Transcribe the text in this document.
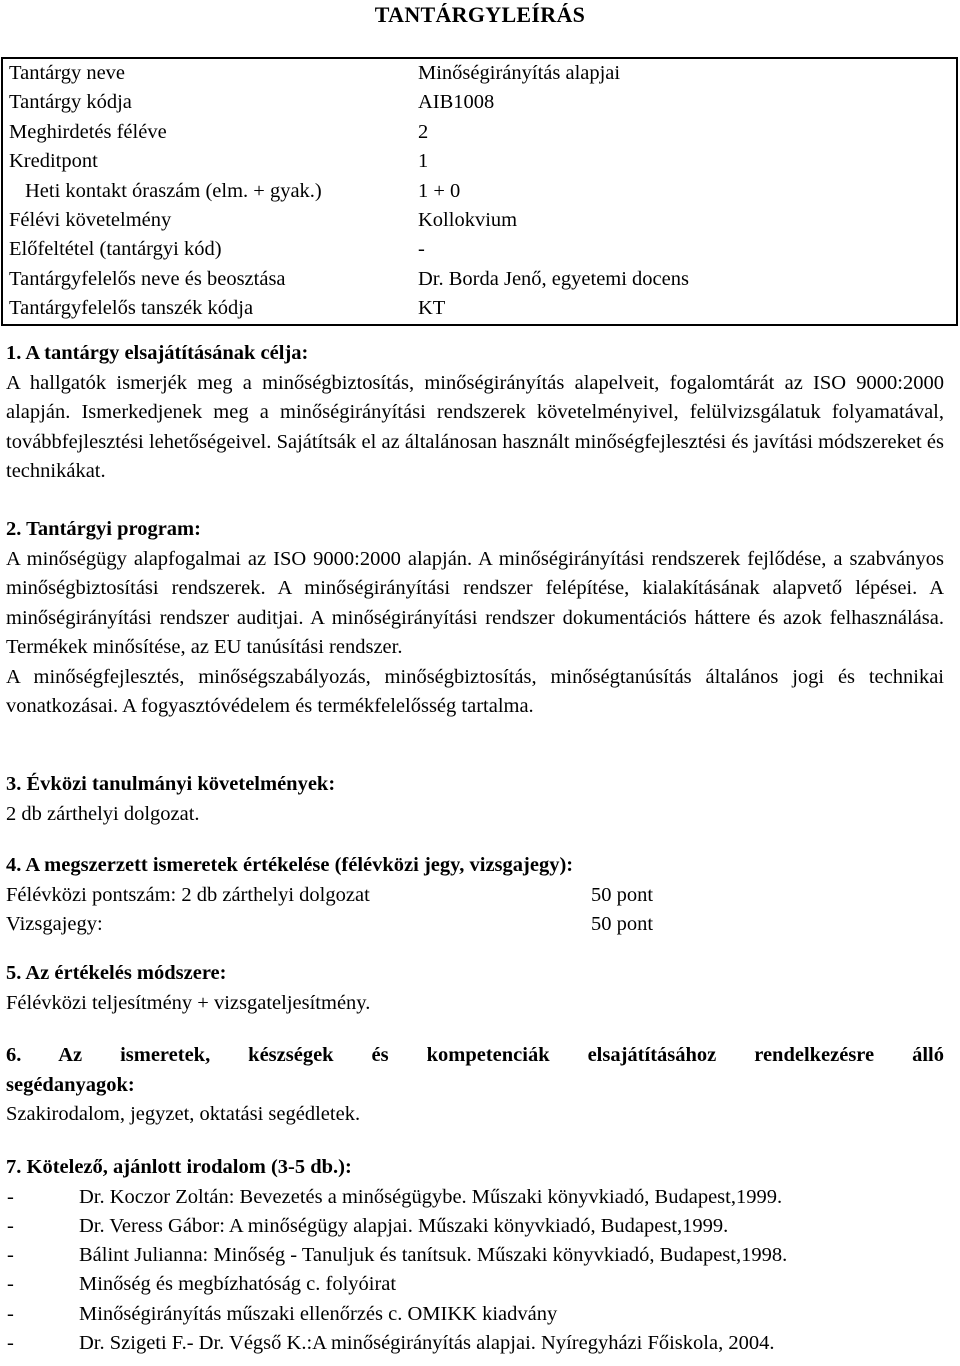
TANTÁRGYLEÍRÁS
Tantárgy neve	Minőségirányítás alapjai
Tantárgy kódja	AIB1008
Meghirdetés féléve	2
Kreditpont	1
Heti kontakt óraszám (elm. + gyak.)	1 + 0
Félévi követelmény	Kollokvium
Előfeltétel (tantárgyi kód)	-
Tantárgyfelelős neve és beosztása	Dr. Borda Jenő, egyetemi docens
Tantárgyfelelős tanszék kódja	KT
1. A tantárgy elsajátításának célja:

A hallgatók ismerjék meg a minőségbiztosítás, minőségirányítás alapelveit, fogalomtárát az ISO 9000:2000 alapján. Ismerkedjenek meg a minőségirányítási rendszerek követelményivel, felülvizsgálatuk folyamatával, továbbfejlesztési lehetőségeivel. Sajátítsák el az általánosan használt minőségfejlesztési és javítási módszereket és technikákat.

2. Tantárgyi program:

A minőségügy alapfogalmai az ISO 9000:2000 alapján. A minőségirányítási rendszerek fejlődése, a szabványos minőségbiztosítási rendszerek. A minőségirányítási rendszer felépítése, kialakításának alapvető lépései. A minőségirányítási rendszer auditjai. A minőségirányítási rendszer dokumentációs háttere és azok felhasználása. Termékek minősítése, az EU tanúsítási rendszer.

A minőségfejlesztés, minőségszabályozás, minőségbiztosítás, minőségtanúsítás általános jogi és technikai vonatkozásai. A fogyasztóvédelem és termékfelelősség tartalma.

3. Évközi tanulmányi követelmények:

2 db zárthelyi dolgozat.

4. A megszerzett ismeretek értékelése (félévközi jegy, vizsgajegy):
Félévközi pontszám: 2 db zárthelyi dolgozat	50 pont
Vizsgajegy:	50 pont
5. Az értékelés módszere:

Félévközi teljesítmény + vizsgateljesítmény.

6. Az ismeretek, készségek és kompetenciák elsajátításához rendelkezésre álló
segédanyagok:

Szakirodalom, jegyzet, oktatási segédletek.

7. Kötelező, ajánlott irodalom (3-5 db.):
-	Dr. Koczor Zoltán: Bevezetés a minőségügybe. Műszaki könyvkiadó, Budapest,1999.
-	Dr. Veress Gábor: A minőségügy alapjai. Műszaki könyvkiadó, Budapest,1999.
-	Bálint Julianna: Minőség - Tanuljuk és tanítsuk. Műszaki könyvkiadó, Budapest,1998.
-	Minőség és megbízhatóság c. folyóirat
-	Minőségirányítás műszaki ellenőrzés c. OMIKK kiadvány
-	Dr. Szigeti F.- Dr. Végső K.:A minőségirányítás alapjai. Nyíregyházi Főiskola, 2004.
